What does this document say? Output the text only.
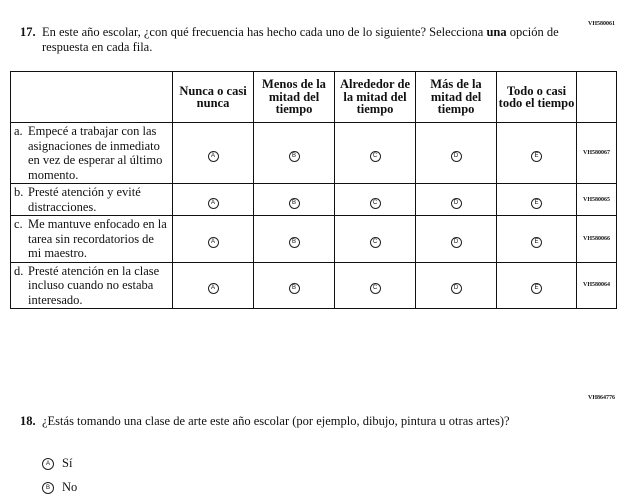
VH580061
17. En este año escolar, ¿con qué frecuencia has hecho cada uno de lo siguiente? Selecciona una opción de respuesta en cada fila.
	Nunca o casi nunca	Menos de la mitad del tiempo	Alrededor de la mitad del tiempo	Más de la mitad del tiempo	Todo o casi todo el tiempo	

a. Empecé a trabajar con las asignaciones de inmediato en vez de esperar al último momento.	A	B	C	D	E	VH580067

b. Presté atención y evité distracciones.	A	B	C	D	E	VH580065

c. Me mantuve enfocado en la tarea sin recordatorios de mi maestro.	A	B	C	D	E	VH580066

d. Presté atención en la clase incluso cuando no estaba interesado.	A	B	C	D	E	VH580064
VH864776
18. ¿Estás tomando una clase de arte este año escolar (por ejemplo, dibujo, pintura u otras artes)?
A Sí
B No
